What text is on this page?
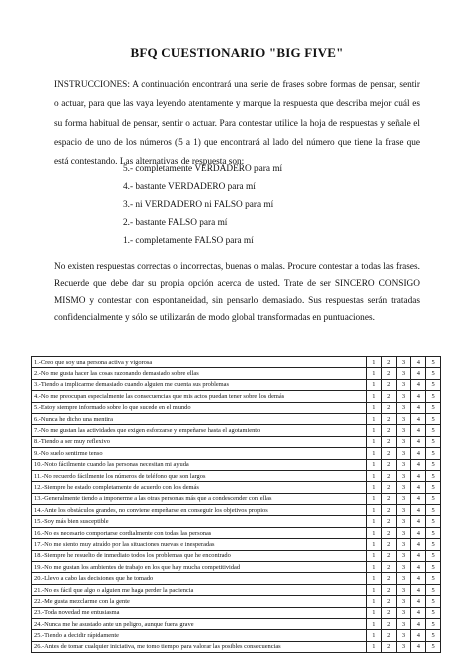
BFQ CUESTIONARIO "BIG FIVE"
INSTRUCCIONES: A continuación encontrará una serie de frases sobre formas de pensar, sentir o actuar, para que las vaya leyendo atentamente y marque la respuesta que describa mejor cuál es su forma habitual de pensar, sentir o actuar. Para contestar utilice la hoja de respuestas y señale el espacio de uno de los números (5 a 1) que encontrará al lado del número que tiene la frase que está contestando. Las alternativas de respuesta son:
5.- completamente VERDADERO para mí
4.- bastante VERDADERO para mí
3.- ni VERDADERO ni FALSO para mí
2.- bastante FALSO para mí
1.- completamente FALSO para mí
No existen respuestas correctas o incorrectas, buenas o malas. Procure contestar a todas las frases. Recuerde que debe dar su propia opción acerca de usted. Trate de ser SINCERO CONSIGO MISMO y contestar con espontaneidad, sin pensarlo demasiado. Sus respuestas serán tratadas confidencialmente y sólo se utilizarán de modo global transformadas en puntuaciones.
1.-Creo que soy una persona activa y vigorosa	1	2	3	4	5
2.-No me gusta hacer las cosas razonando demasiado sobre ellas	1	2	3	4	5
3.-Tiendo a implicarme demasiado cuando alguien me cuenta sus problemas	1	2	3	4	5
4.-No me preocupan especialmente las consecuencias que mis actos puedan tener sobre los demás	1	2	3	4	5
5.-Estoy siempre informado sobre lo que sucede en el mundo	1	2	3	4	5
6.-Nunca he dicho una mentira	1	2	3	4	5
7.-No me gustan las actividades que exigen esforzarse y empeñarse hasta el agotamiento	1	2	3	4	5
8.-Tiendo a ser muy reflexivo	1	2	3	4	5
9.-No suelo sentirme tenso	1	2	3	4	5
10.-Noto fácilmente cuando las personas necesitan mi ayuda	1	2	3	4	5
11.-No recuerdo fácilmente los números de teléfono que son largos	1	2	3	4	5
12.-Siempre he estado completamente de acuerdo con los demás	1	2	3	4	5
13.-Generalmente tiendo a imponerme a las otras personas más que a condescender con ellas	1	2	3	4	5
14.-Ante los obstáculos grandes, no conviene empeñarse en conseguir los objetivos propios	1	2	3	4	5
15.-Soy más bien susceptible	1	2	3	4	5
16.-No es necesario comportarse cordialmente con todas las personas	1	2	3	4	5
17.-No me siento muy atraído por las situaciones nuevas e inesperadas	1	2	3	4	5
18.-Siempre he resuelto de inmediato todos los problemas que he encontrado	1	2	3	4	5
19.-No me gustan los ambientes de trabajo en los que hay mucha competitividad	1	2	3	4	5
20.-Llevo a cabo las decisiones que he tomado	1	2	3	4	5
21.-No es fácil que algo o alguien me haga perder la paciencia	1	2	3	4	5
22.-Me gusta mezclarme con la gente	1	2	3	4	5
23.-Toda novedad me entusiasma	1	2	3	4	5
24.-Nunca me he asustado ante un peligro, aunque fuera grave	1	2	3	4	5
25.-Tiendo a decidir rápidamente	1	2	3	4	5
26.-Antes de tomar cualquier iniciativa, me tomo tiempo para valorar las posibles consecuencias	1	2	3	4	5
